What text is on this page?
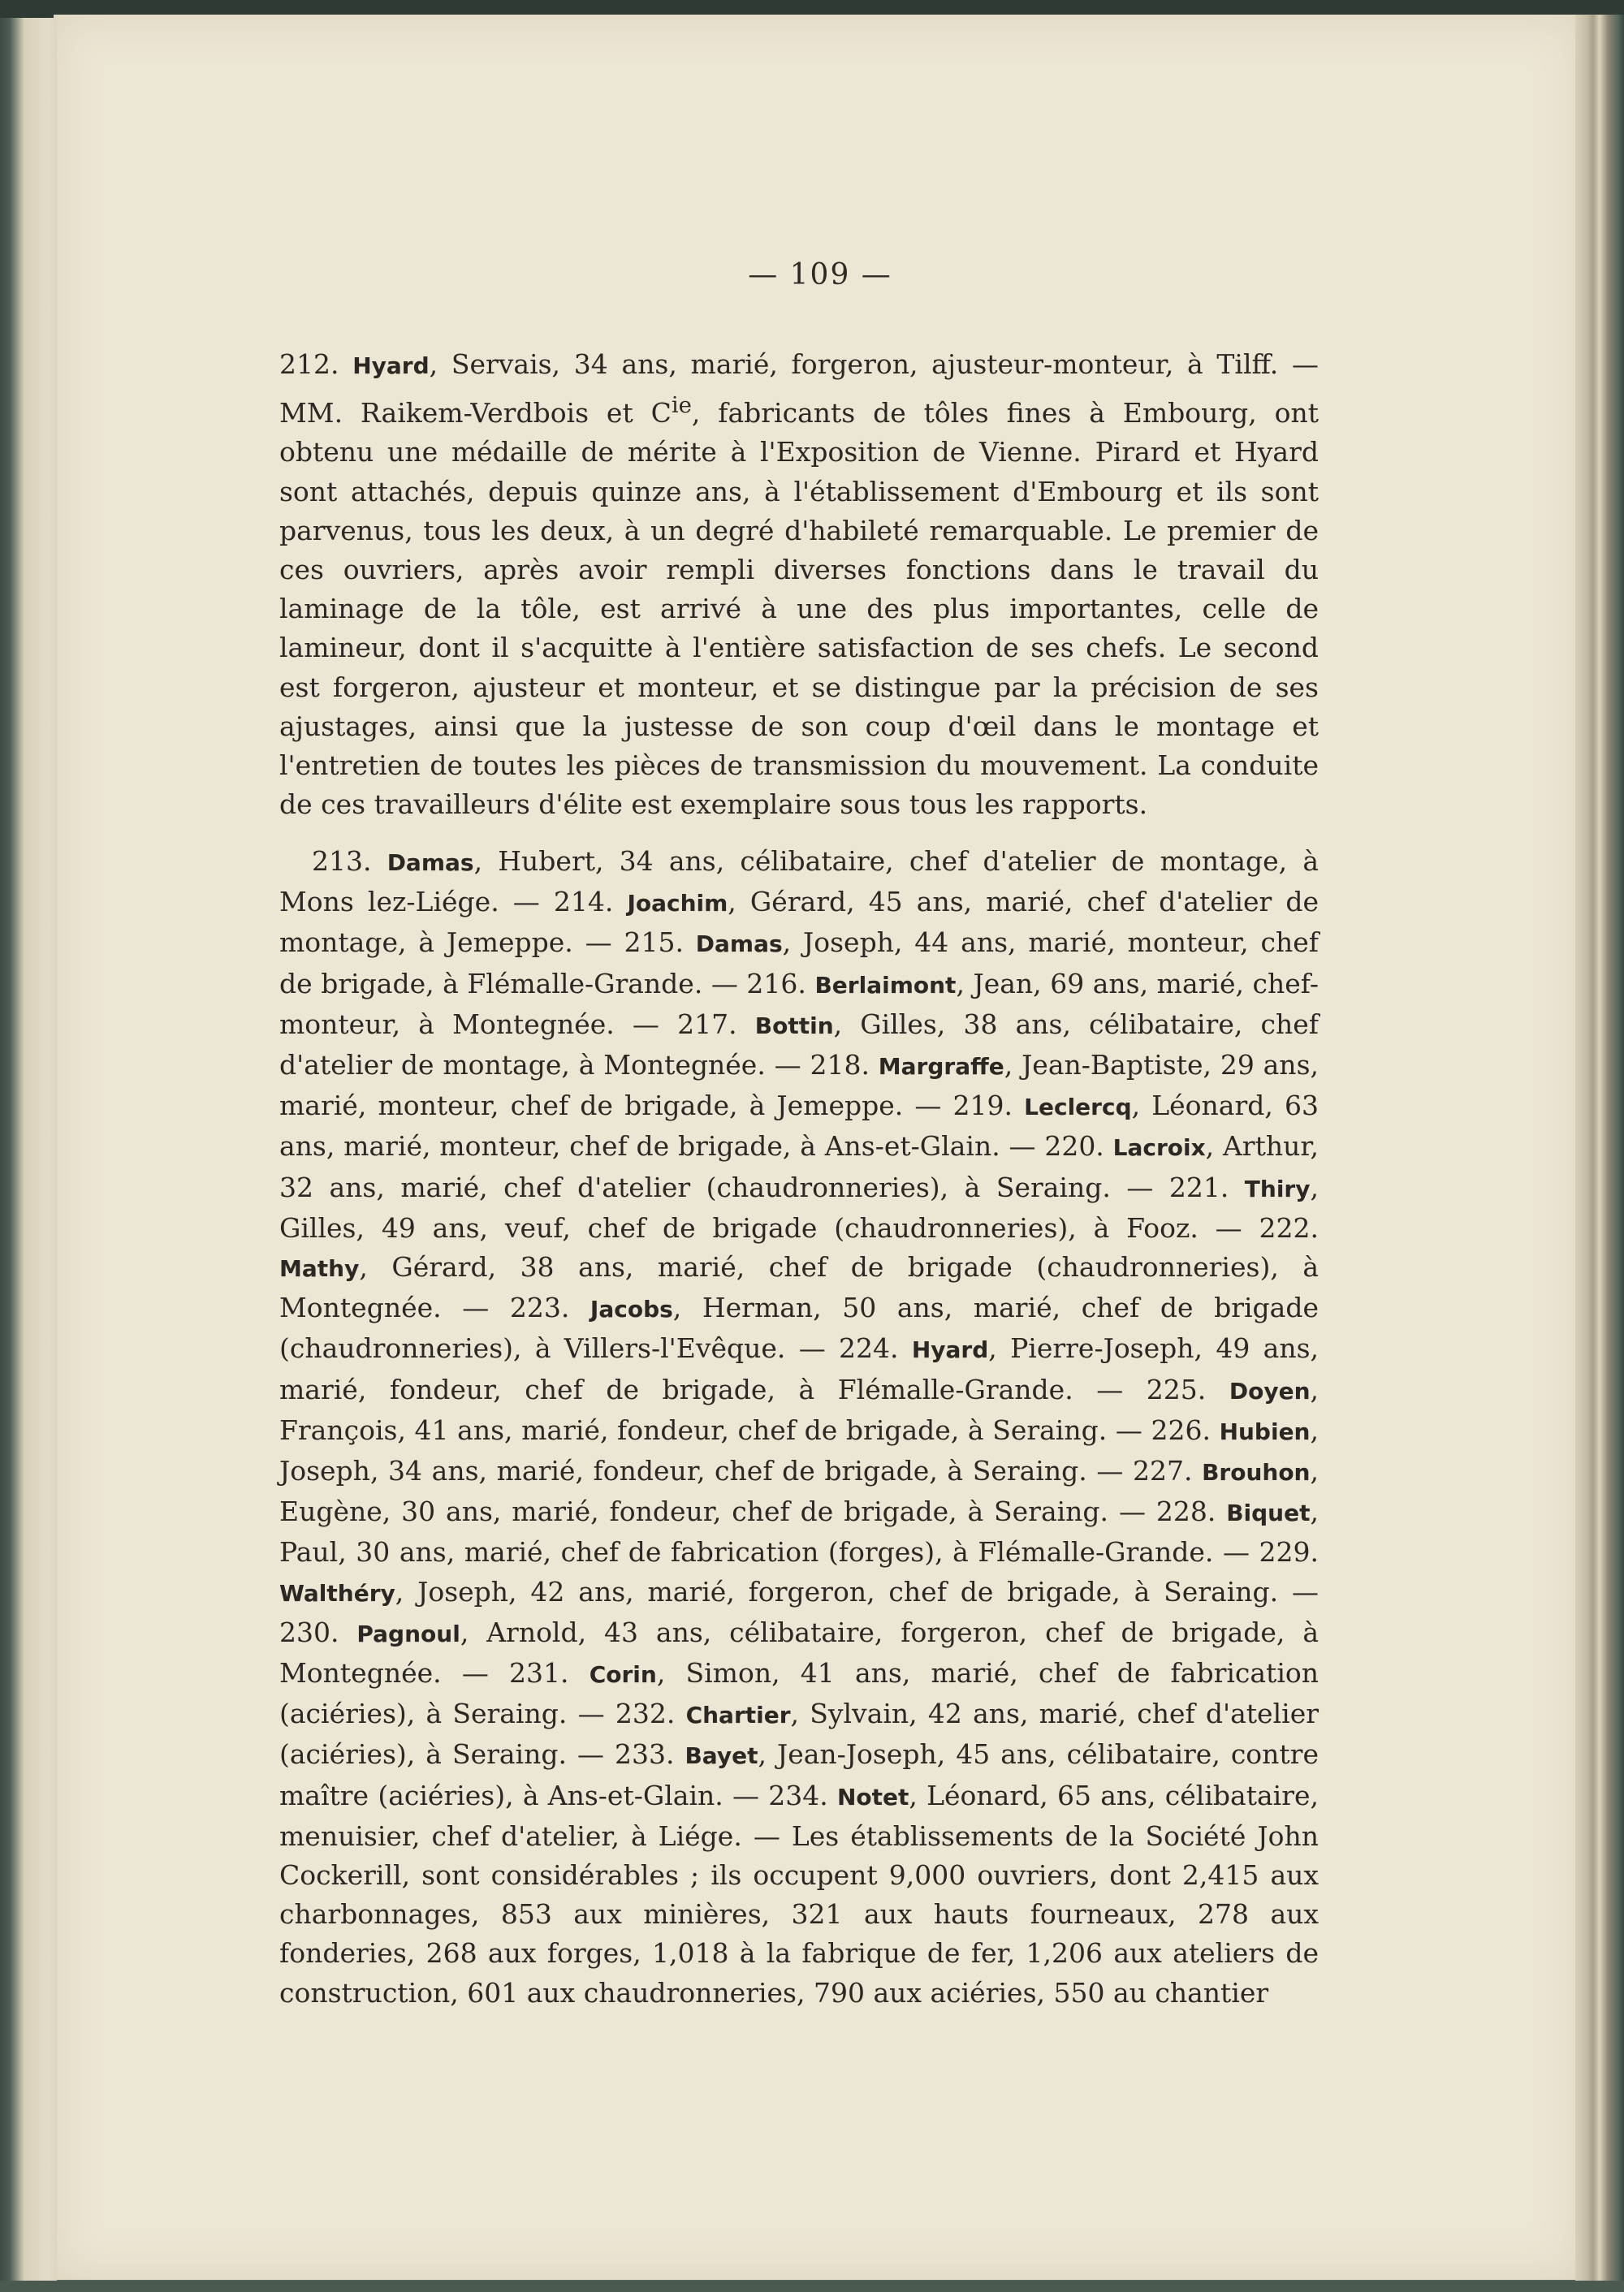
— 109 —
212. Hyard, Servais, 34 ans, marié, forgeron, ajusteur-monteur, à Tilff. — MM. Raikem-Verdbois et $C^{ie}$, fabricants de tôles fines à Embourg, ont obtenu une médaille de mérite à l'Exposition de Vienne. Pirard et Hyard sont attachés, depuis quinze ans, à l'établissement d'Embourg et ils sont parvenus, tous les deux, à un degré d'habileté remarquable. Le premier de ces ouvriers, après avoir rempli diverses fonctions dans le travail du laminage de la tôle, est arrivé à une des plus importantes, celle de lamineur, dont il s'acquitte à l'entière satisfaction de ses chefs. Le second est forgeron, ajusteur et monteur, et se distingue par la précision de ses ajustages, ainsi que la justesse de son coup d'œil dans le montage et l'entretien de toutes les pièces de transmission du mouvement. La conduite de ces travailleurs d'élite est exemplaire sous tous les rapports.
213. Damas, Hubert, 34 ans, célibataire, chef d'atelier de montage, à Mons lez-Liége. — 214. Joachim, Gérard, 45 ans, marié, chef d'atelier de montage, à Jemeppe. — 215. Damas, Joseph, 44 ans, marié, monteur, chef de brigade, à Flémalle-Grande. — 216. Berlaimont, Jean, 69 ans, marié, chef-monteur, à Montegnée. — 217. Bottin, Gilles, 38 ans, célibataire, chef d'atelier de montage, à Montegnée. — 218. Margraffe, Jean-Baptiste, 29 ans, marié, monteur, chef de brigade, à Jemeppe. — 219. Leclercq, Léonard, 63 ans, marié, monteur, chef de brigade, à Ans-et-Glain. — 220. Lacroix, Arthur, 32 ans, marié, chef d'atelier (chaudronneries), à Seraing. — 221. Thiry, Gilles, 49 ans, veuf, chef de brigade (chaudronneries), à Fooz. — 222. Mathy, Gérard, 38 ans, marié, chef de brigade (chaudronneries), à Montegnée. — 223. Jacobs, Herman, 50 ans, marié, chef de brigade (chaudronneries), à Villers-l'Evêque. — 224. Hyard, Pierre-Joseph, 49 ans, marié, fondeur, chef de brigade, à Flémalle-Grande. — 225. Doyen, François, 41 ans, marié, fondeur, chef de brigade, à Seraing. — 226. Hubien, Joseph, 34 ans, marié, fondeur, chef de brigade, à Seraing. — 227. Brouhon, Eugène, 30 ans, marié, fondeur, chef de brigade, à Seraing. — 228. Biquet, Paul, 30 ans, marié, chef de fabrication (forges), à Flémalle-Grande. — 229. Walthéry, Joseph, 42 ans, marié, forgeron, chef de brigade, à Seraing. — 230. Pagnoul, Arnold, 43 ans, célibataire, forgeron, chef de brigade, à Montegnée. — 231. Corin, Simon, 41 ans, marié, chef de fabrication (aciéries), à Seraing. — 232. Chartier, Sylvain, 42 ans, marié, chef d'atelier (aciéries), à Seraing. — 233. Bayet, Jean-Joseph, 45 ans, célibataire, contre maître (aciéries), à Ans-et-Glain. — 234. Notet, Léonard, 65 ans, célibataire, menuisier, chef d'atelier, à Liége. — Les établissements de la Société John Cockerill, sont considérables ; ils occupent 9,000 ouvriers, dont 2,415 aux charbonnages, 853 aux minières, 321 aux hauts fourneaux, 278 aux fonderies, 268 aux forges, 1,018 à la fabrique de fer, 1,206 aux ateliers de construction, 601 aux chaudronneries, 790 aux aciéries, 550 au chantier
